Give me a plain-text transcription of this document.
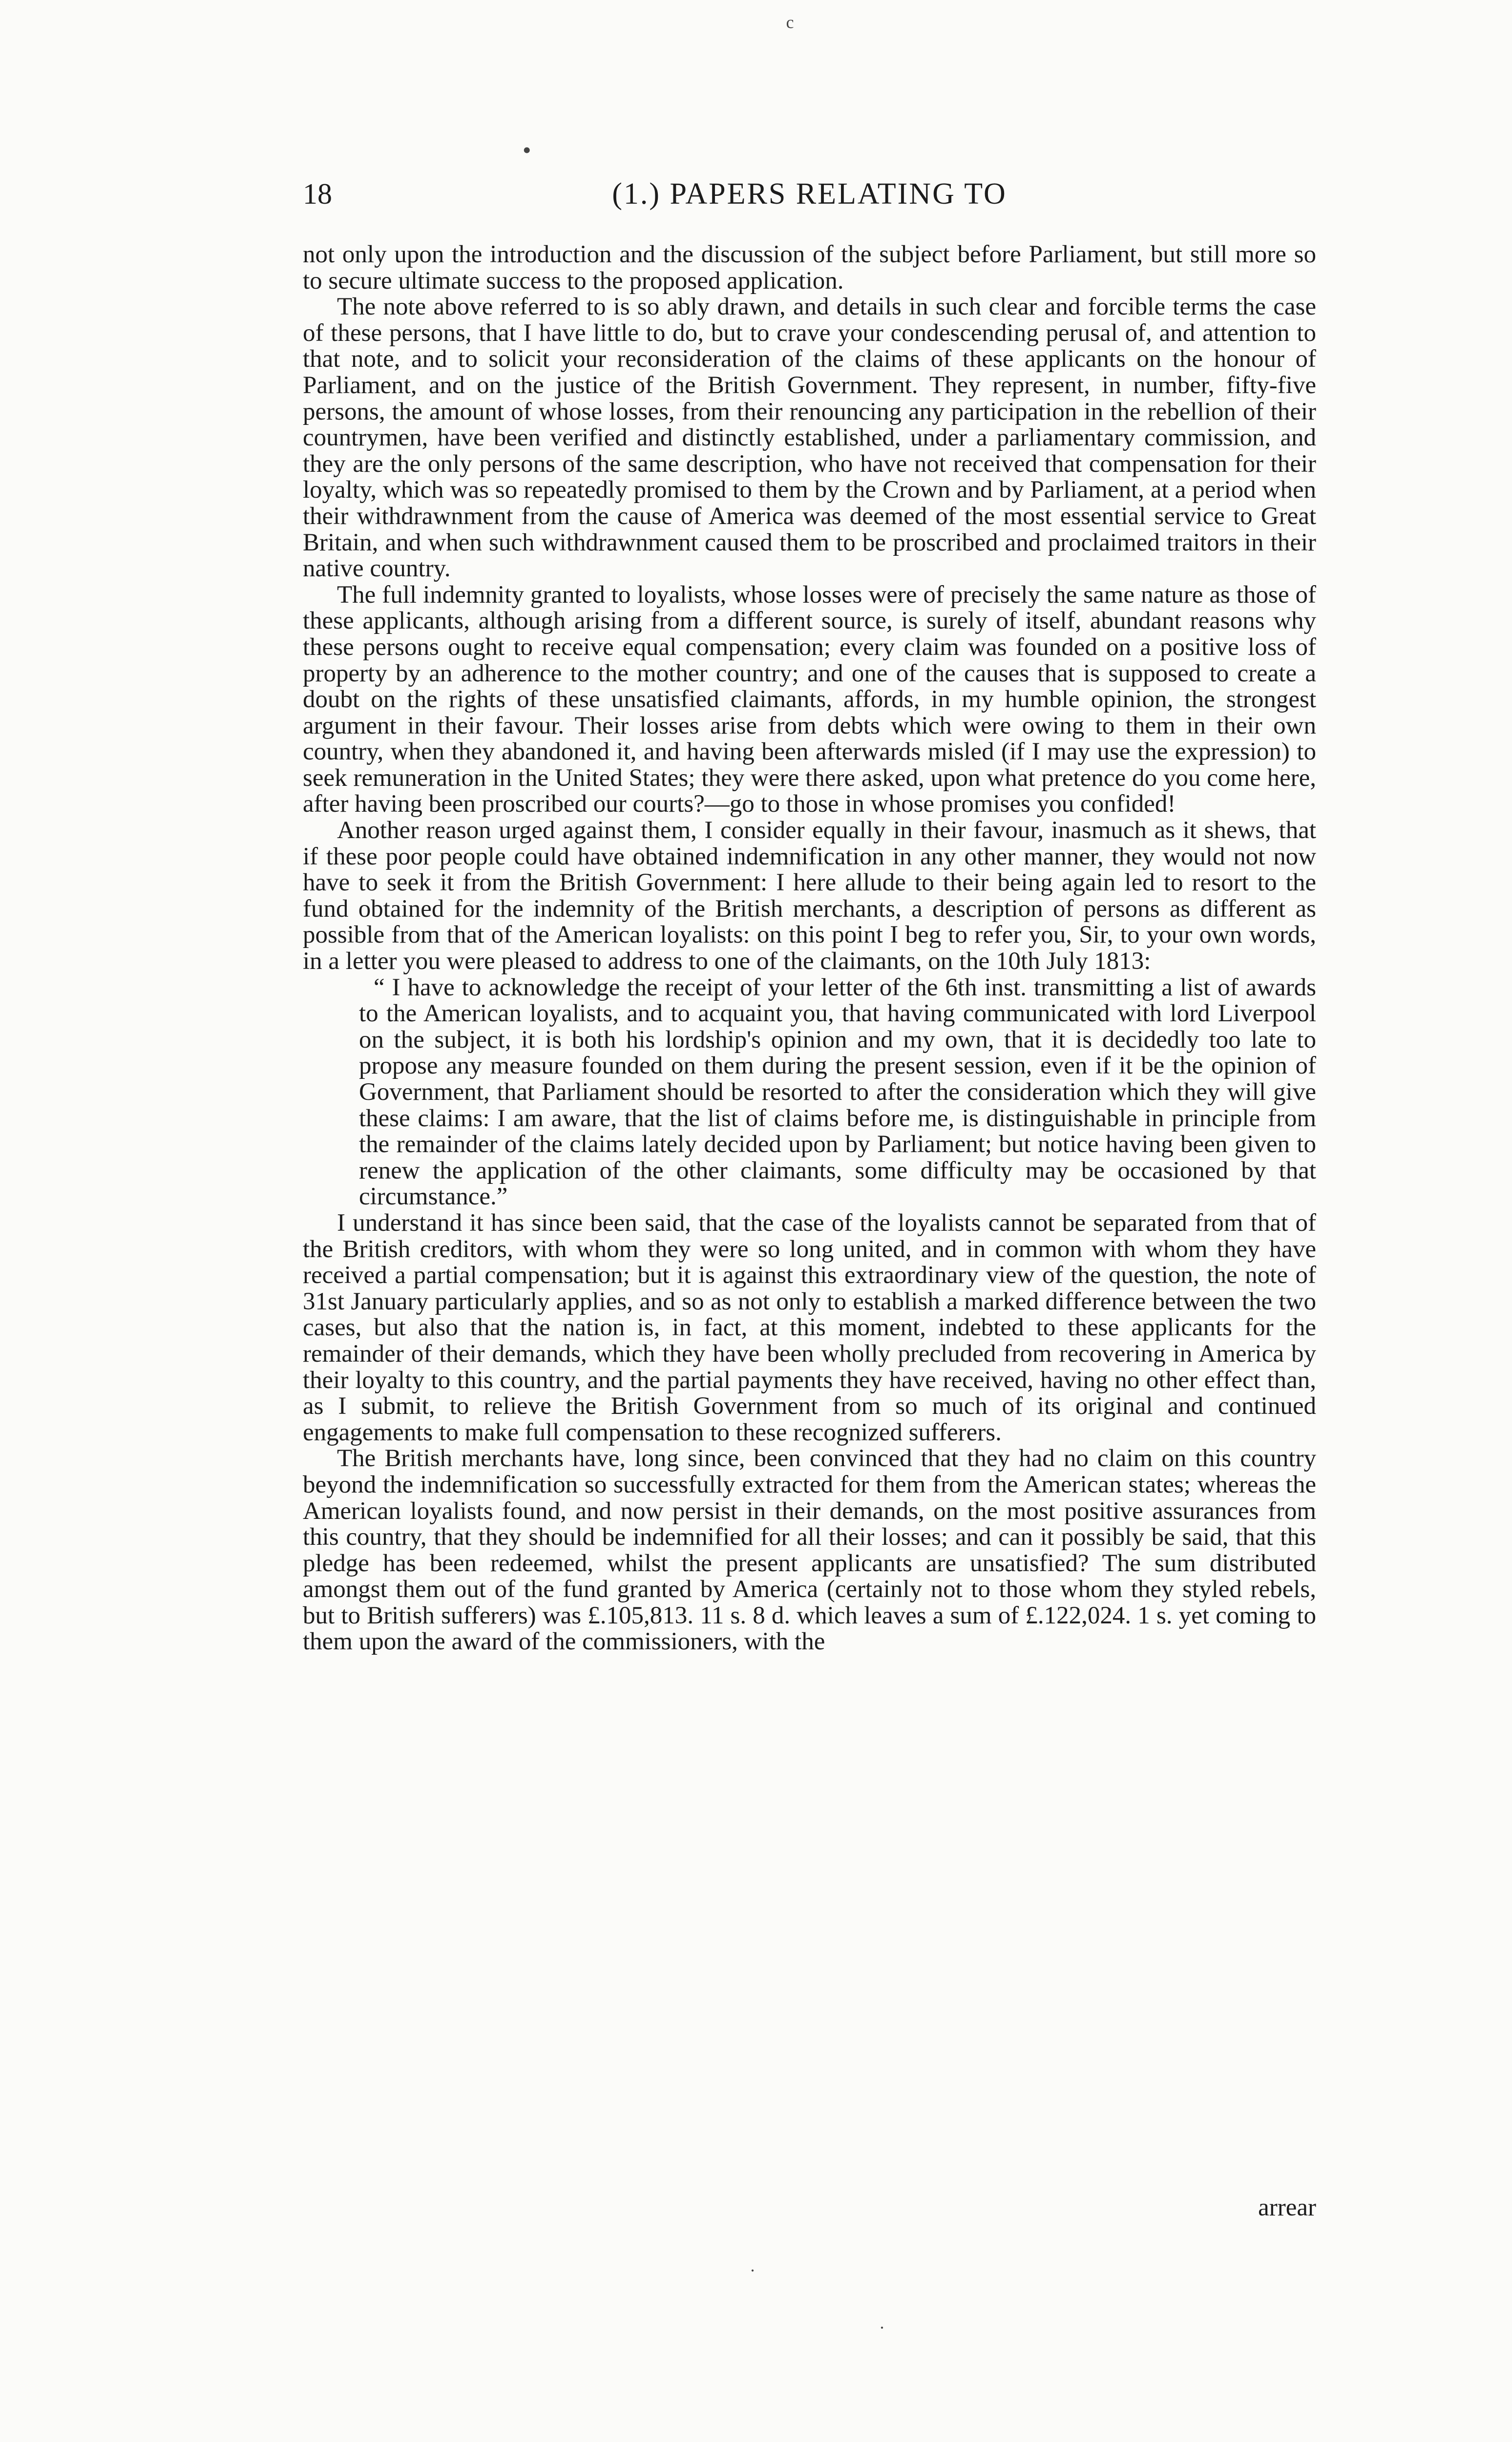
ᶜ
•
18	(1.) PAPERS RELATING TO

not only upon the introduction and the discussion of the subject before Parliament, but still more so to secure ultimate success to the proposed application.

The note above referred to is so ably drawn, and details in such clear and forcible terms the case of these persons, that I have little to do, but to crave your condescending perusal of, and attention to that note, and to solicit your reconsideration of the claims of these applicants on the honour of Parliament, and on the justice of the British Government. They represent, in number, fifty-five persons, the amount of whose losses, from their renouncing any participation in the rebellion of their countrymen, have been verified and distinctly established, under a parliamentary commission, and they are the only persons of the same description, who have not received that compensation for their loyalty, which was so repeatedly promised to them by the Crown and by Parliament, at a period when their withdrawnment from the cause of America was deemed of the most essential service to Great Britain, and when such withdrawnment caused them to be proscribed and proclaimed traitors in their native country.

The full indemnity granted to loyalists, whose losses were of precisely the same nature as those of these applicants, although arising from a different source, is surely of itself, abundant reasons why these persons ought to receive equal compensation; every claim was founded on a positive loss of property by an adherence to the mother country; and one of the causes that is supposed to create a doubt on the rights of these unsatisfied claimants, affords, in my humble opinion, the strongest argument in their favour. Their losses arise from debts which were owing to them in their own country, when they abandoned it, and having been afterwards misled (if I may use the expression) to seek remuneration in the United States; they were there asked, upon what pretence do you come here, after having been proscribed our courts?—go to those in whose promises you confided!

Another reason urged against them, I consider equally in their favour, inasmuch as it shews, that if these poor people could have obtained indemnification in any other manner, they would not now have to seek it from the British Government: I here allude to their being again led to resort to the fund obtained for the indemnity of the British merchants, a description of persons as different as possible from that of the American loyalists: on this point I beg to refer you, Sir, to your own words, in a letter you were pleased to address to one of the claimants, on the 10th July 1813:

“ I have to acknowledge the receipt of your letter of the 6th inst. transmitting a list of awards to the American loyalists, and to acquaint you, that having communicated with lord Liverpool on the subject, it is both his lordship's opinion and my own, that it is decidedly too late to propose any measure founded on them during the present session, even if it be the opinion of Government, that Parliament should be resorted to after the consideration which they will give these claims: I am aware, that the list of claims before me, is distinguishable in principle from the remainder of the claims lately decided upon by Parliament; but notice having been given to renew the application of the other claimants, some difficulty may be occasioned by that circumstance.”

I understand it has since been said, that the case of the loyalists cannot be separated from that of the British creditors, with whom they were so long united, and in common with whom they have received a partial compensation; but it is against this extraordinary view of the question, the note of 31st January particularly applies, and so as not only to establish a marked difference between the two cases, but also that the nation is, in fact, at this moment, indebted to these applicants for the remainder of their demands, which they have been wholly precluded from recovering in America by their loyalty to this country, and the partial payments they have received, having no other effect than, as I submit, to relieve the British Government from so much of its original and continued engagements to make full compensation to these recognized sufferers.

The British merchants have, long since, been convinced that they had no claim on this country beyond the indemnification so successfully extracted for them from the American states; whereas the American loyalists found, and now persist in their demands, on the most positive assurances from this country, that they should be indemnified for all their losses; and can it possibly be said, that this pledge has been redeemed, whilst the present applicants are unsatisfied? The sum distributed amongst them out of the fund granted by America (certainly not to those whom they styled rebels, but to British sufferers) was £.105,813. 11 s. 8 d. which leaves a sum of £.122,024. 1 s. yet coming to them upon the award of the commissioners, with the

arrear
·
·
